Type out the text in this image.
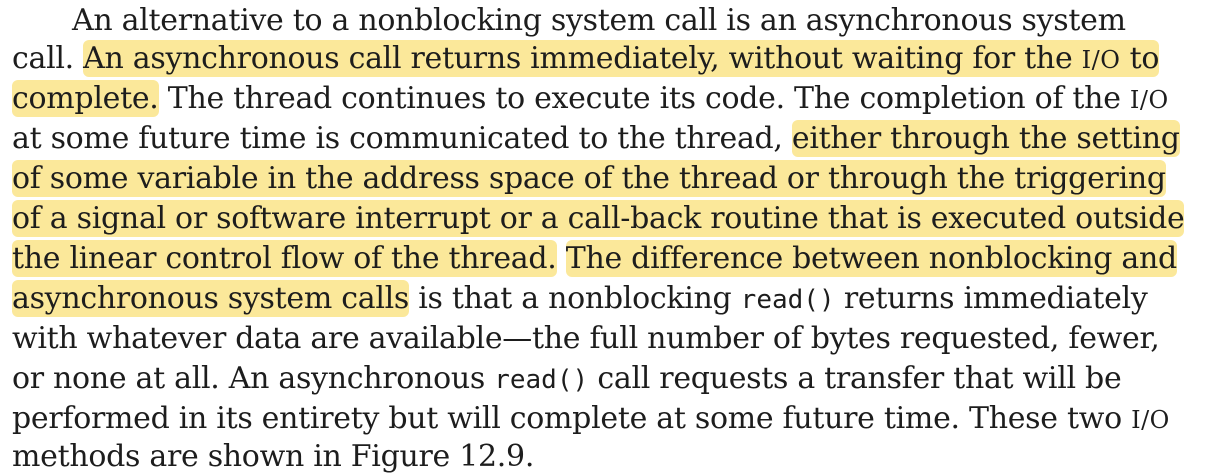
An alternative to a nonblocking system call is an asynchronous system
call. An asynchronous call returns immediately, without waiting for the I/O to
complete. The thread continues to execute its code. The completion of the I/O
at some future time is communicated to the thread, either through the setting
of some variable in the address space of the thread or through the triggering
of a signal or software interrupt or a call-back routine that is executed outside
the linear control flow of the thread. The difference between nonblocking and
asynchronous system calls is that a nonblocking read() returns immediately
with whatever data are available—the full number of bytes requested, fewer,
or none at all. An asynchronous read() call requests a transfer that will be
performed in its entirety but will complete at some future time. These two I/O
methods are shown in Figure 12.9.
